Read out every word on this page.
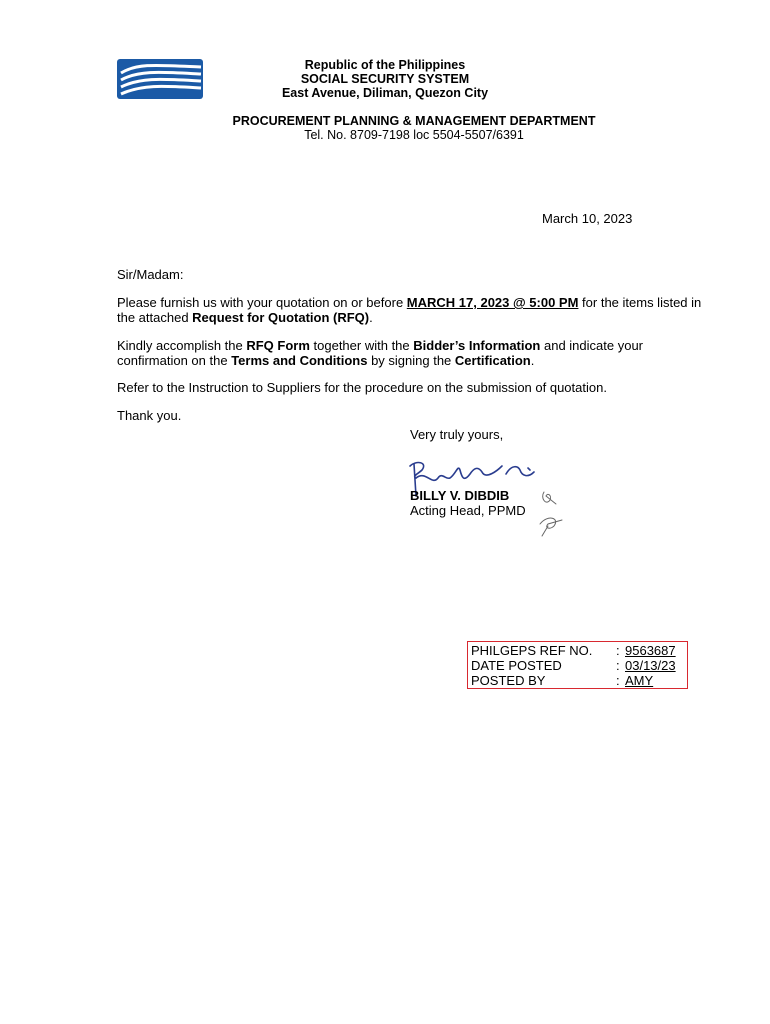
Republic of the Philippines
SOCIAL SECURITY SYSTEM
East Avenue, Diliman, Quezon City
PROCUREMENT PLANNING & MANAGEMENT DEPARTMENT
Tel. No. 8709-7198 loc 5504-5507/6391
March 10, 2023
Sir/Madam:
Please furnish us with your quotation on or before MARCH 17, 2023 @ 5:00 PM for the items listed in the attached Request for Quotation (RFQ).
Kindly accomplish the RFQ Form together with the Bidder’s Information and indicate your confirmation on the Terms and Conditions by signing the Certification.
Refer to the Instruction to Suppliers for the procedure on the submission of quotation.
Thank you.
Very truly yours,
BILLY V. DIBDIB
Acting Head, PPMD
PHILGEPS REF NO. : 9563687
DATE POSTED	: 03/13/23
POSTED BY	: AMY
